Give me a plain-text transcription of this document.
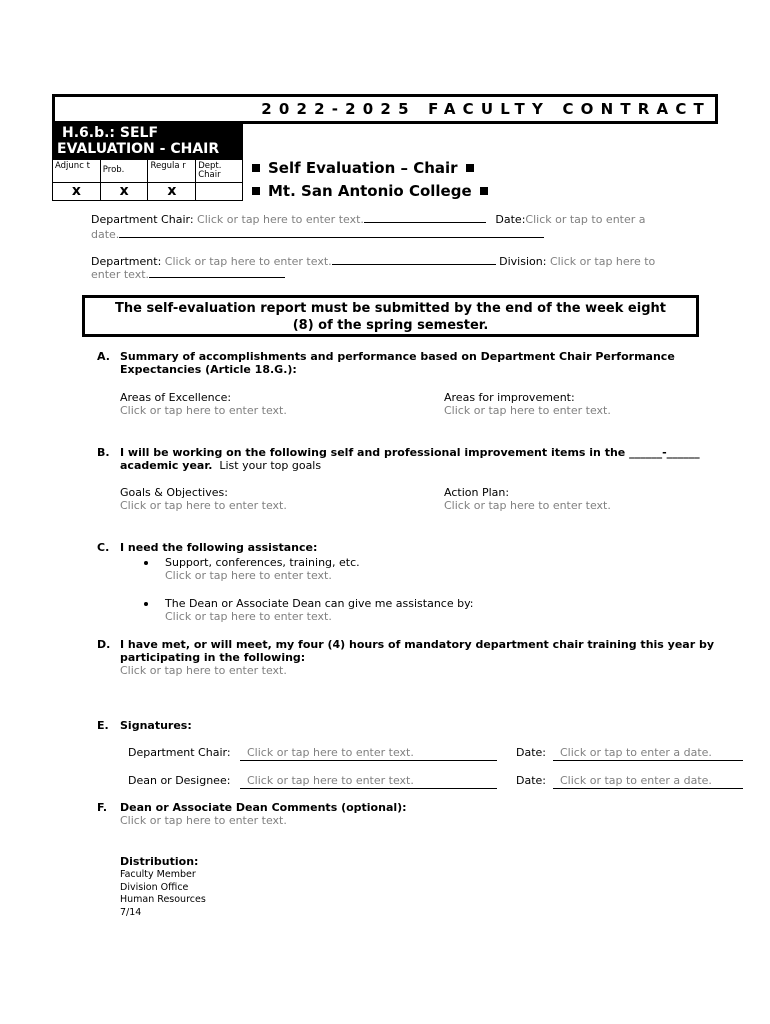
2022-2025 FACULTY CONTRACT
H.6.b.: SELF
EVALUATION - CHAIR
Adjunc t	Prob.	Regula r	Dept. Chair
x	x	x	
Self Evaluation – Chair
Mt. San Antonio College
Department Chair: Click or tap here to enter text.	Date:Click or tap to enter a
date.
Department: Click or tap here to enter text.	Division: Click or tap here to
enter text.
The self-evaluation report must be submitted by the end of the week eight
(8) of the spring semester.
A. Summary of accomplishments and performance based on Department Chair Performance
Expectancies (Article 18.G.):
Areas of Excellence:
Click or tap here to enter text.
Areas for improvement:
Click or tap here to enter text.
B. I will be working on the following self and professional improvement items in the ______-______
academic year. List your top goals
Goals & Objectives:
Click or tap here to enter text.
Action Plan:
Click or tap here to enter text.
C. I need the following assistance:
Support, conferences, training, etc.
Click or tap here to enter text.
The Dean or Associate Dean can give me assistance by:
Click or tap here to enter text.
D. I have met, or will meet, my four (4) hours of mandatory department chair training this year by
participating in the following:
Click or tap here to enter text.
E. Signatures:
Department Chair:	Click or tap here to enter text.	Date:	Click or tap to enter a date.
Dean or Designee:	Click or tap here to enter text.	Date:	Click or tap to enter a date.
F. Dean or Associate Dean Comments (optional):
Click or tap here to enter text.
Distribution:
Faculty Member
Division Office
Human Resources
7/14
